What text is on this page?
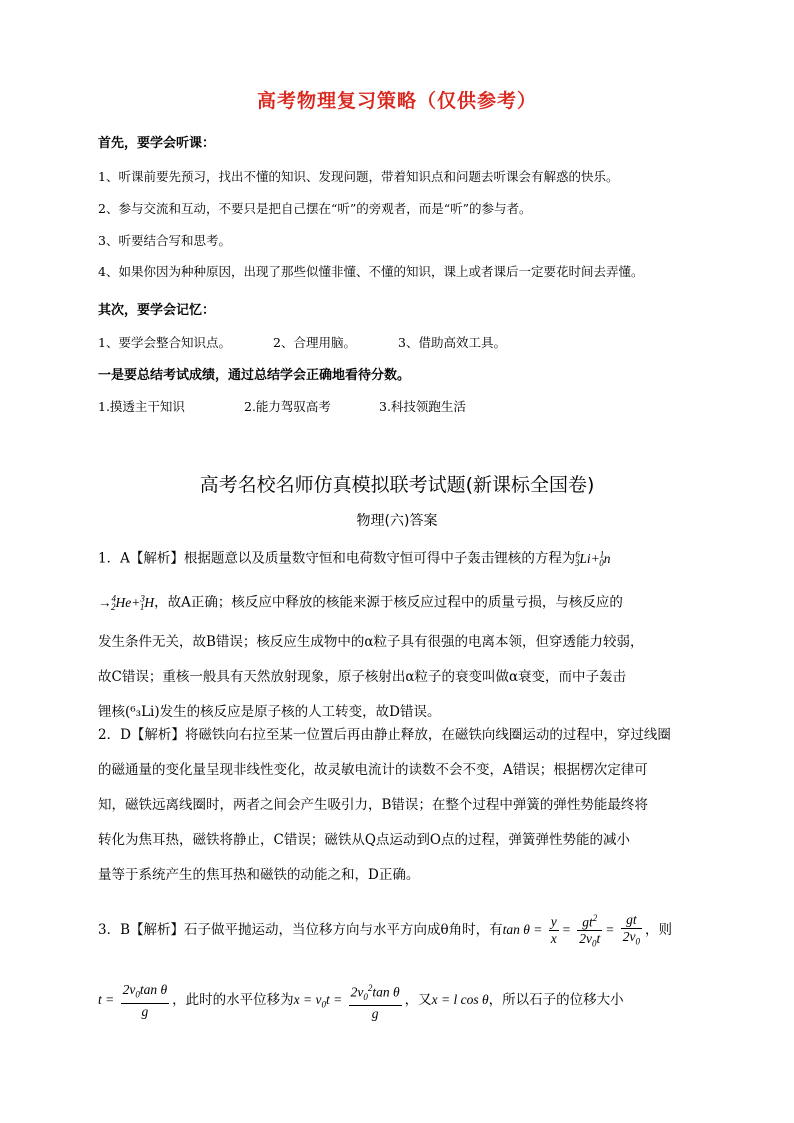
高考物理复习策略（仅供参考）
首先，要学会听课：
1、听课前要先预习，找出不懂的知识、发现问题，带着知识点和问题去听课会有解惑的快乐。
2、参与交流和互动，不要只是把自己摆在“听”的旁观者，而是“听”的参与者。
3、听要结合写和思考。
4、如果你因为种种原因，出现了那些似懂非懂、不懂的知识，课上或者课后一定要花时间去弄懂。
其次，要学会记忆：
1、要学会整合知识点。	2、合理用脑。	3、借助高效工具。
一是要总结考试成绩，通过总结学会正确地看待分数。
1.摸透主干知识	2.能力驾驭高考	3.科技领跑生活
高考名校名师仿真模拟联考试题(新课标全国卷)
物理(六)答案
1．A【解析】根据题意以及质量数守恒和电荷数守恒可得中子轰击锂核的方程为$^6_3$Li+$^1_0$n
→$^4_2$He+$^3_1$H，故A正确；核反应中释放的核能来源于核反应过程中的质量亏损，与核反应的
发生条件无关，故B错误；核反应生成物中的α粒子具有很强的电离本领，但穿透能力较弱，
故C错误；重核一般具有天然放射现象，原子核射出α粒子的衰变叫做α衰变，而中子轰击
锂核(⁶₃Li)发生的核反应是原子核的人工转变，故D错误。
2．D【解析】将磁铁向右拉至某一位置后再由静止释放，在磁铁向线圈运动的过程中，穿过线圈
的磁通量的变化量呈现非线性变化，故灵敏电流计的读数不会不变，A错误；根据楞次定律可
知，磁铁远离线圈时，两者之间会产生吸引力，B错误；在整个过程中弹簧的弹性势能最终将
转化为焦耳热，磁铁将静止，C错误；磁铁从Q点运动到O点的过程，弹簧弹性势能的减小
量等于系统产生的焦耳热和磁铁的动能之和，D正确。
3．B【解析】石子做平抛运动，当位移方向与水平方向成θ角时，有$\tan \theta = \frac{y}{x} = \frac{gt^2}{2v_0t} = \frac{gt}{2v_0}$ ，则
$t = \frac{2v_0\tan \theta}{g}$ ，此时的水平位移为$x = v_0t = \frac{2v_0^2\tan \theta}{g}$ ，又x = l cos θ，所以石子的位移大小
